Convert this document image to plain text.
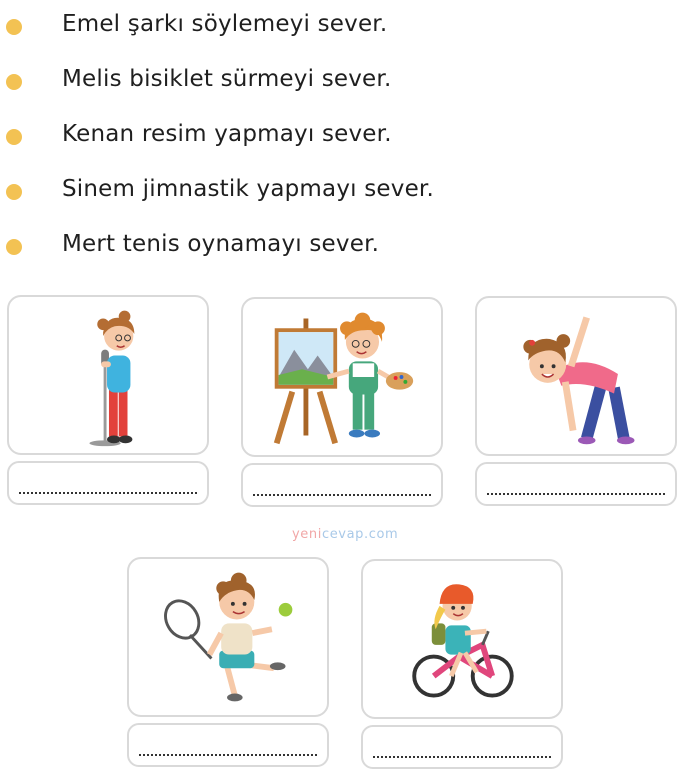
Emel şarkı söylemeyi sever.
Melis bisiklet sürmeyi sever.
Kenan resim yapmayı sever.
Sinem jimnastik yapmayı sever.
Mert tenis oynamayı sever.
yenicevap.com
